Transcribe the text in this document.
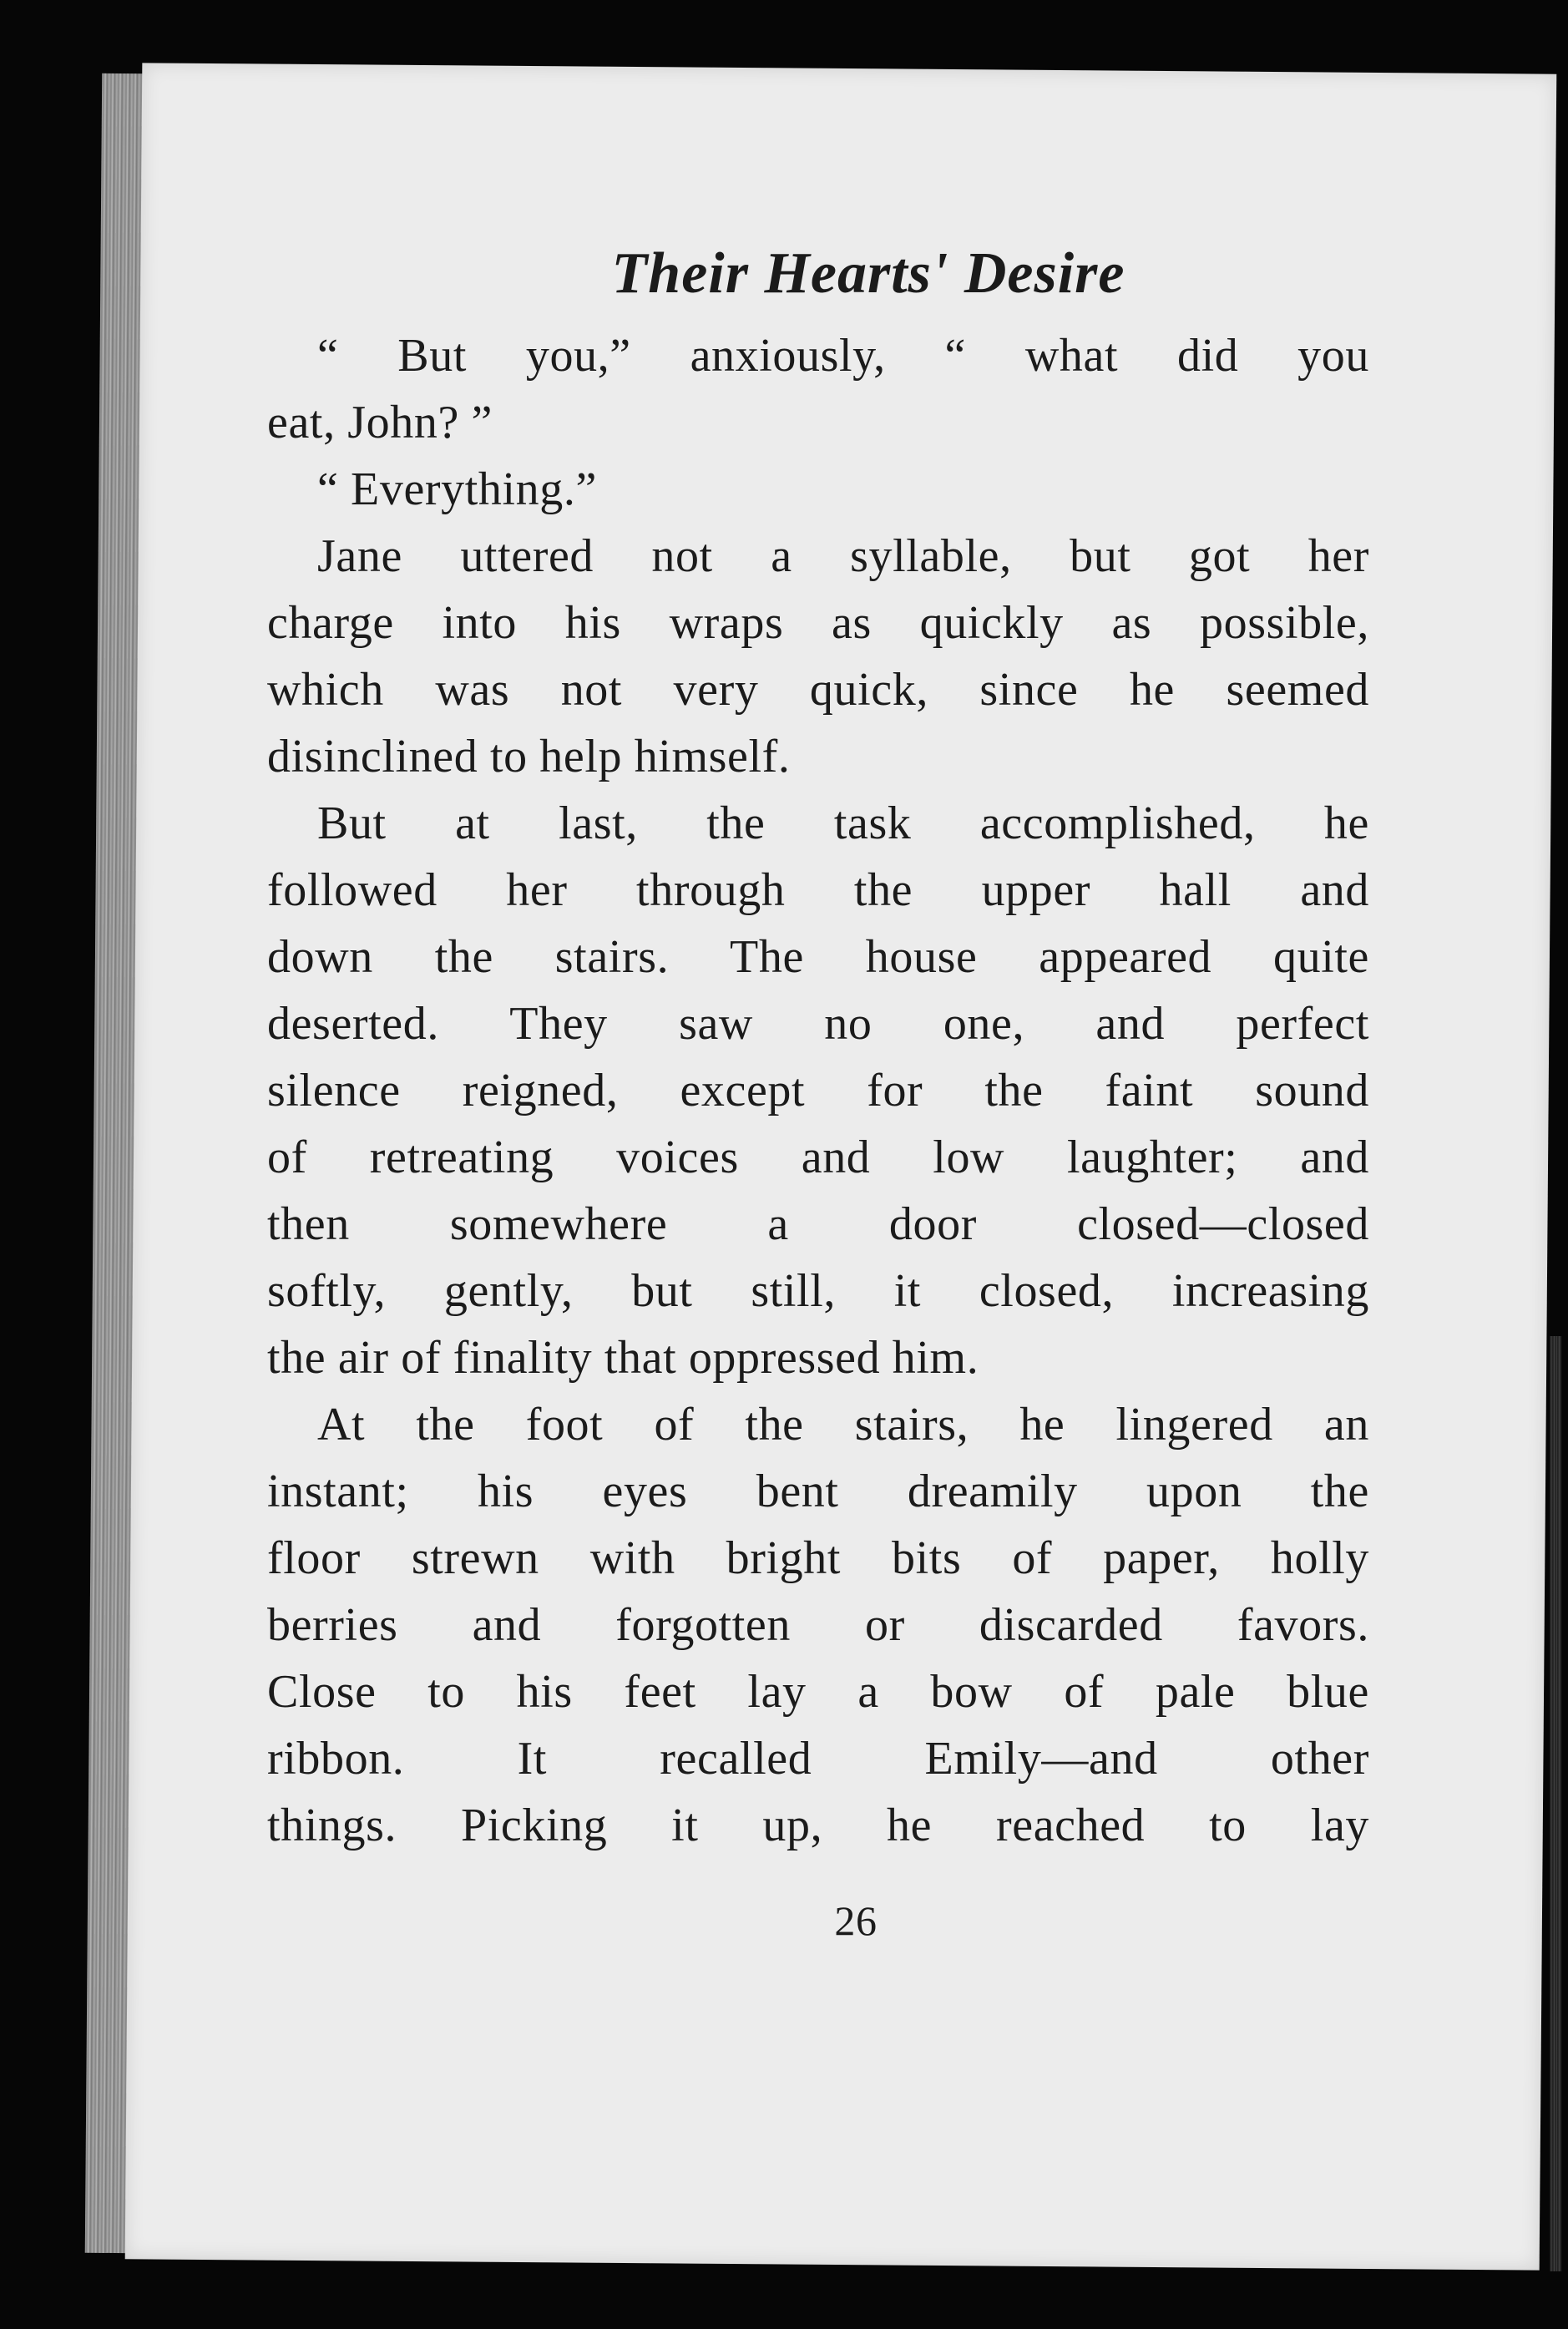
Their Hearts' Desire
“ But you,” anxiously, “ what did you
eat, John? ”
“ Everything.”
Jane uttered not a syllable, but got her
charge into his wraps as quickly as possible,
which was not very quick, since he seemed
disinclined to help himself.
But at last, the task accomplished, he
followed her through the upper hall and
down the stairs. The house appeared quite
deserted. They saw no one, and perfect
silence reigned, except for the faint sound
of retreating voices and low laughter; and
then somewhere a door closed—closed
softly, gently, but still, it closed, increasing
the air of finality that oppressed him.
At the foot of the stairs, he lingered an
instant; his eyes bent dreamily upon the
floor strewn with bright bits of paper, holly
berries and forgotten or discarded favors.
Close to his feet lay a bow of pale blue
ribbon. It recalled Emily—and other
things. Picking it up, he reached to lay
26
